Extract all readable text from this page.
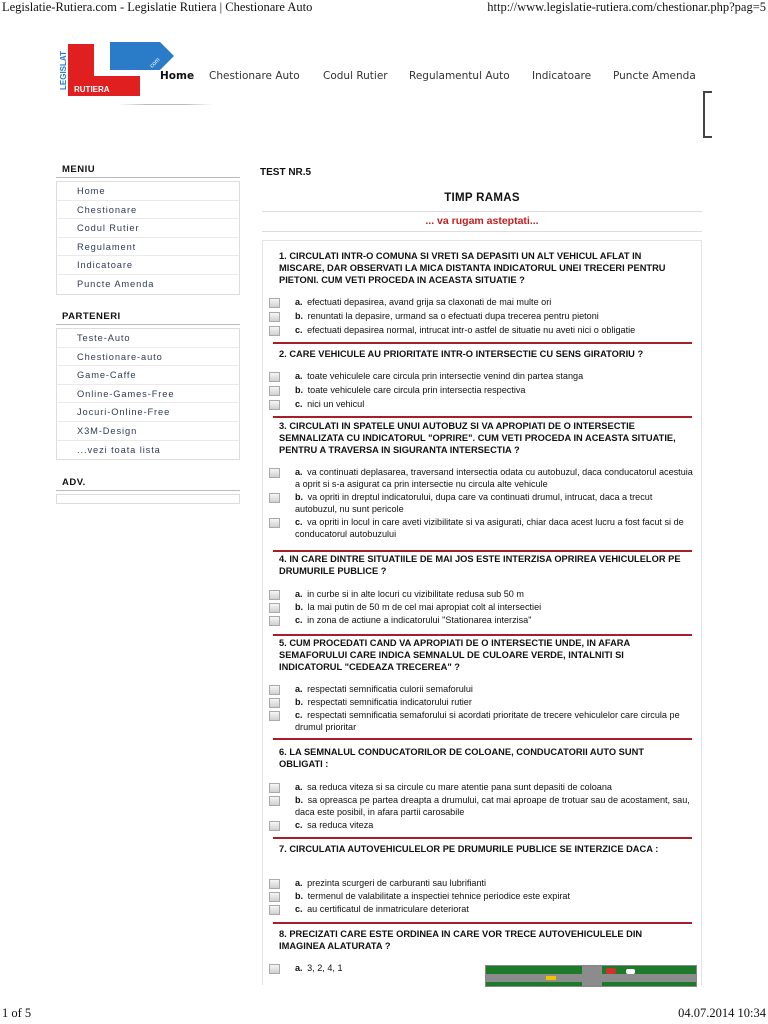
Legislatie-Rutiera.com - Legislatie Rutiera | Chestionare Auto	http://www.legislatie-rutiera.com/chestionar.php?pag=5
1 of 5	04.07.2014 10:34
LEGISLAT RUTIERA
com
Home Chestionare Auto Codul Rutier Regulamentul Auto Indicatoare Puncte Amenda
MENIU
Home
Chestionare
Codul Rutier
Regulament
Indicatoare
Puncte Amenda
PARTENERI
Teste-Auto
Chestionare-auto
Game-Caffe
Online-Games-Free
Jocuri-Online-Free
X3M-Design
...vezi toata lista
ADV.
TEST NR.5
TIMP RAMAS
... va rugam asteptati...
1. CIRCULATI INTR-O COMUNA SI VRETI SA DEPASITI UN ALT VEHICUL AFLAT IN MISCARE, DAR OBSERVATI LA MICA DISTANTA INDICATORUL UNEI TRECERI PENTRU PIETONI. CUM VETI PROCEDA IN ACEASTA SITUATIE ?
a. efectuati depasirea, avand grija sa claxonati de mai multe ori
b. renuntati la depasire, urmand sa o efectuati dupa trecerea pentru pietoni
c. efectuati depasirea normal, intrucat intr-o astfel de situatie nu aveti nici o obligatie
2. CARE VEHICULE AU PRIORITATE INTR-O INTERSECTIE CU SENS GIRATORIU ?
a. toate vehiculele care circula prin intersectie venind din partea stanga
b. toate vehiculele care circula prin intersectia respectiva
c. nici un vehicul
3. CIRCULATI IN SPATELE UNUI AUTOBUZ SI VA APROPIATI DE O INTERSECTIE SEMNALIZATA CU INDICATORUL "OPRIRE". CUM VETI PROCEDA IN ACEASTA SITUATIE, PENTRU A TRAVERSA IN SIGURANTA INTERSECTIA ?
a. va continuati deplasarea, traversand intersectia odata cu autobuzul, daca conducatorul acestuia a oprit si s-a asigurat ca prin intersectie nu circula alte vehicule
b. va opriti in dreptul indicatorului, dupa care va continuati drumul, intrucat, daca a trecut autobuzul, nu sunt pericole
c. va opriti in locul in care aveti vizibilitate si va asigurati, chiar daca acest lucru a fost facut si de conducatorul autobuzului
4. IN CARE DINTRE SITUATIILE DE MAI JOS ESTE INTERZISA OPRIREA VEHICULELOR PE DRUMURILE PUBLICE ?
a. in curbe si in alte locuri cu vizibilitate redusa sub 50 m
b. la mai putin de 50 m de cel mai apropiat colt al intersectiei
c. in zona de actiune a indicatorului "Stationarea interzisa"
5. CUM PROCEDATI CAND VA APROPIATI DE O INTERSECTIE UNDE, IN AFARA SEMAFORULUI CARE INDICA SEMNALUL DE CULOARE VERDE, INTALNITI SI INDICATORUL "CEDEAZA TRECEREA" ?
a. respectati semnificatia culorii semaforului
b. respectati semnificatia indicatorului rutier
c. respectati semnificatia semaforului si acordati prioritate de trecere vehiculelor care circula pe drumul prioritar
6. LA SEMNALUL CONDUCATORILOR DE COLOANE, CONDUCATORII AUTO SUNT OBLIGATI :
a. sa reduca viteza si sa circule cu mare atentie pana sunt depasiti de coloana
b. sa opreasca pe partea dreapta a drumului, cat mai aproape de trotuar sau de acostament, sau, daca este posibil, in afara partii carosabile
c. sa reduca viteza
7. CIRCULATIA AUTOVEHICULELOR PE DRUMURILE PUBLICE SE INTERZICE DACA :
a. prezinta scurgeri de carburanti sau lubrifianti
b. termenul de valabilitate a inspectiei tehnice periodice este expirat
c. au certificatul de inmatriculare deteriorat
8. PRECIZATI CARE ESTE ORDINEA IN CARE VOR TRECE AUTOVEHICULELE DIN IMAGINEA ALATURATA ?
a. 3, 2, 4, 1
